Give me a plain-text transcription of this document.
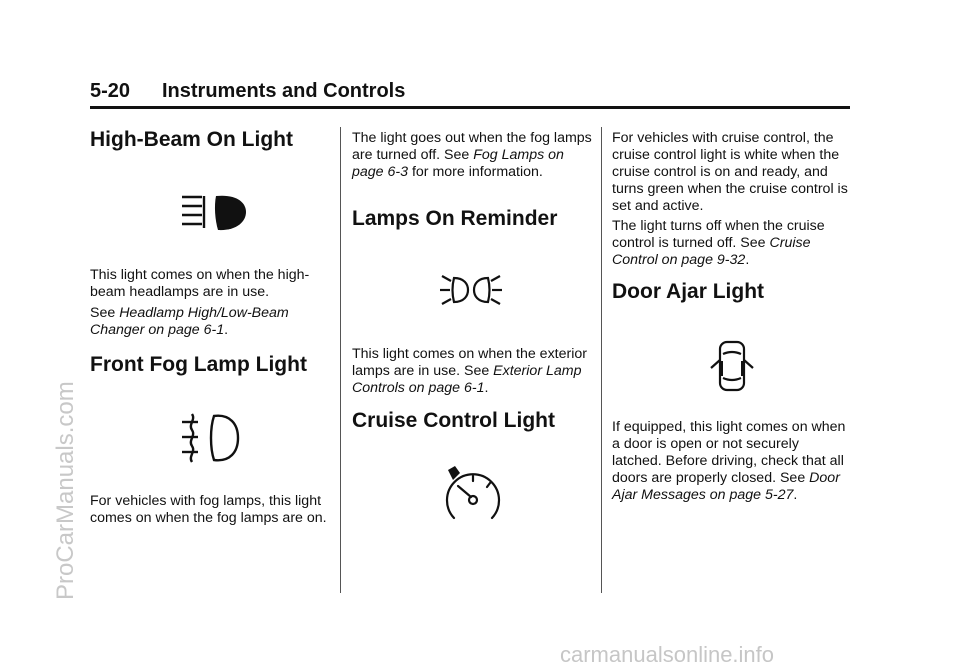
5-20 Instruments and Controls
High-Beam On Light

This light comes on when the high-beam headlamps are in use.

See Headlamp High/Low-Beam Changer on page 6-1.

Front Fog Lamp Light

For vehicles with fog lamps, this light comes on when the fog lamps are on.

The light goes out when the fog lamps are turned off. See Fog Lamps on page 6-3 for more information.

Lamps On Reminder

This light comes on when the exterior lamps are in use. See Exterior Lamp Controls on page 6-1.

Cruise Control Light

For vehicles with cruise control, the cruise control light is white when the cruise control is on and ready, and turns green when the cruise control is set and active.

The light turns off when the cruise control is turned off. See Cruise Control on page 9-32.

Door Ajar Light

If equipped, this light comes on when a door is open or not securely latched. Before driving, check that all doors are properly closed. See Door Ajar Messages on page 5-27.

ProCarManuals.com
carmanualsonline.info
